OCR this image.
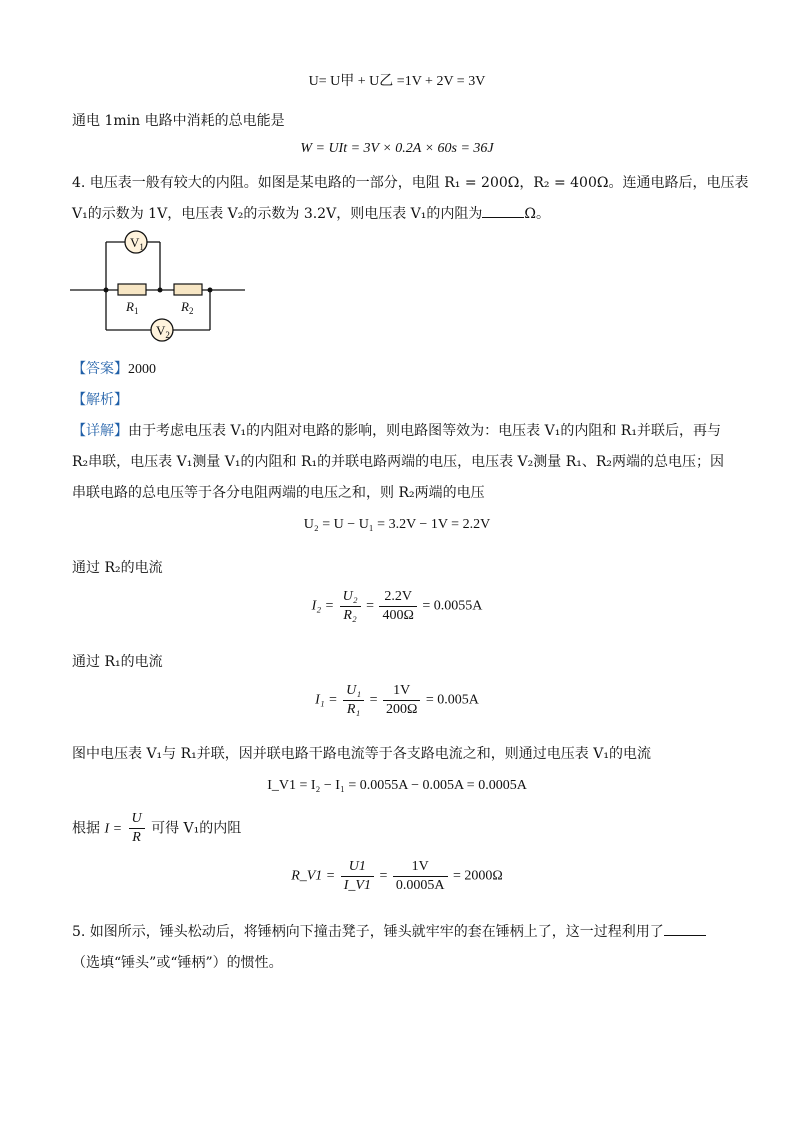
U= U甲 + U乙 =1V + 2V = 3V
通电 1min 电路中消耗的总电能是
W = UIt = 3V × 0.2A × 60s = 36J
4. 电压表一般有较大的内阻。如图是某电路的一部分，电阻 R₁ = 200Ω，R₂ = 400Ω。连通电路后，电压表
V₁的示数为 1V，电压表 V₂的示数为 3.2V，则电压表 V₁的内阻为	Ω。
$V_1$
$V_2$
$R_1$	$R_2$
【答案】2000
【解析】
【详解】由于考虑电压表 V₁的内阻对电路的影响，则电路图等效为：电压表 V₁的内阻和 R₁并联后，再与
R₂串联，电压表 V₁测量 V₁的内阻和 R₁的并联电路两端的电压，电压表 V₂测量 R₁、R₂两端的总电压；因
串联电路的总电压等于各分电阻两端的电压之和，则 R₂两端的电压
U₂ = U − U₁ = 3.2V − 1V = 2.2V
通过 R₂的电流
$I_2 = \frac{\text{U₂}}{\text{R₂}} = \frac{2.2V}{400\Omega} = 0.0055A$
通过 R₁的电流
$I_1 = \frac{\text{U₁}}{\text{R₁}} = \frac{1V}{200\Omega} = 0.005A$
图中电压表 V₁与 R₁并联，因并联电路干路电流等于各支路电流之和，则通过电压表 V₁的电流
I_V1 = I₂ − I₁ = 0.0055A − 0.005A = 0.0005A
根据 $I = \frac{U}{R}$ 可得 V₁的内阻
R_V1 = $\frac{U1}{I\_V1} = \frac{1V}{0.0005A} = 2000\Omega$
5. 如图所示，锤头松动后，将锤柄向下撞击凳子，锤头就牢牢的套在锤柄上了，这一过程利用了
（选填“锤头”或“锤柄”）的惯性。
